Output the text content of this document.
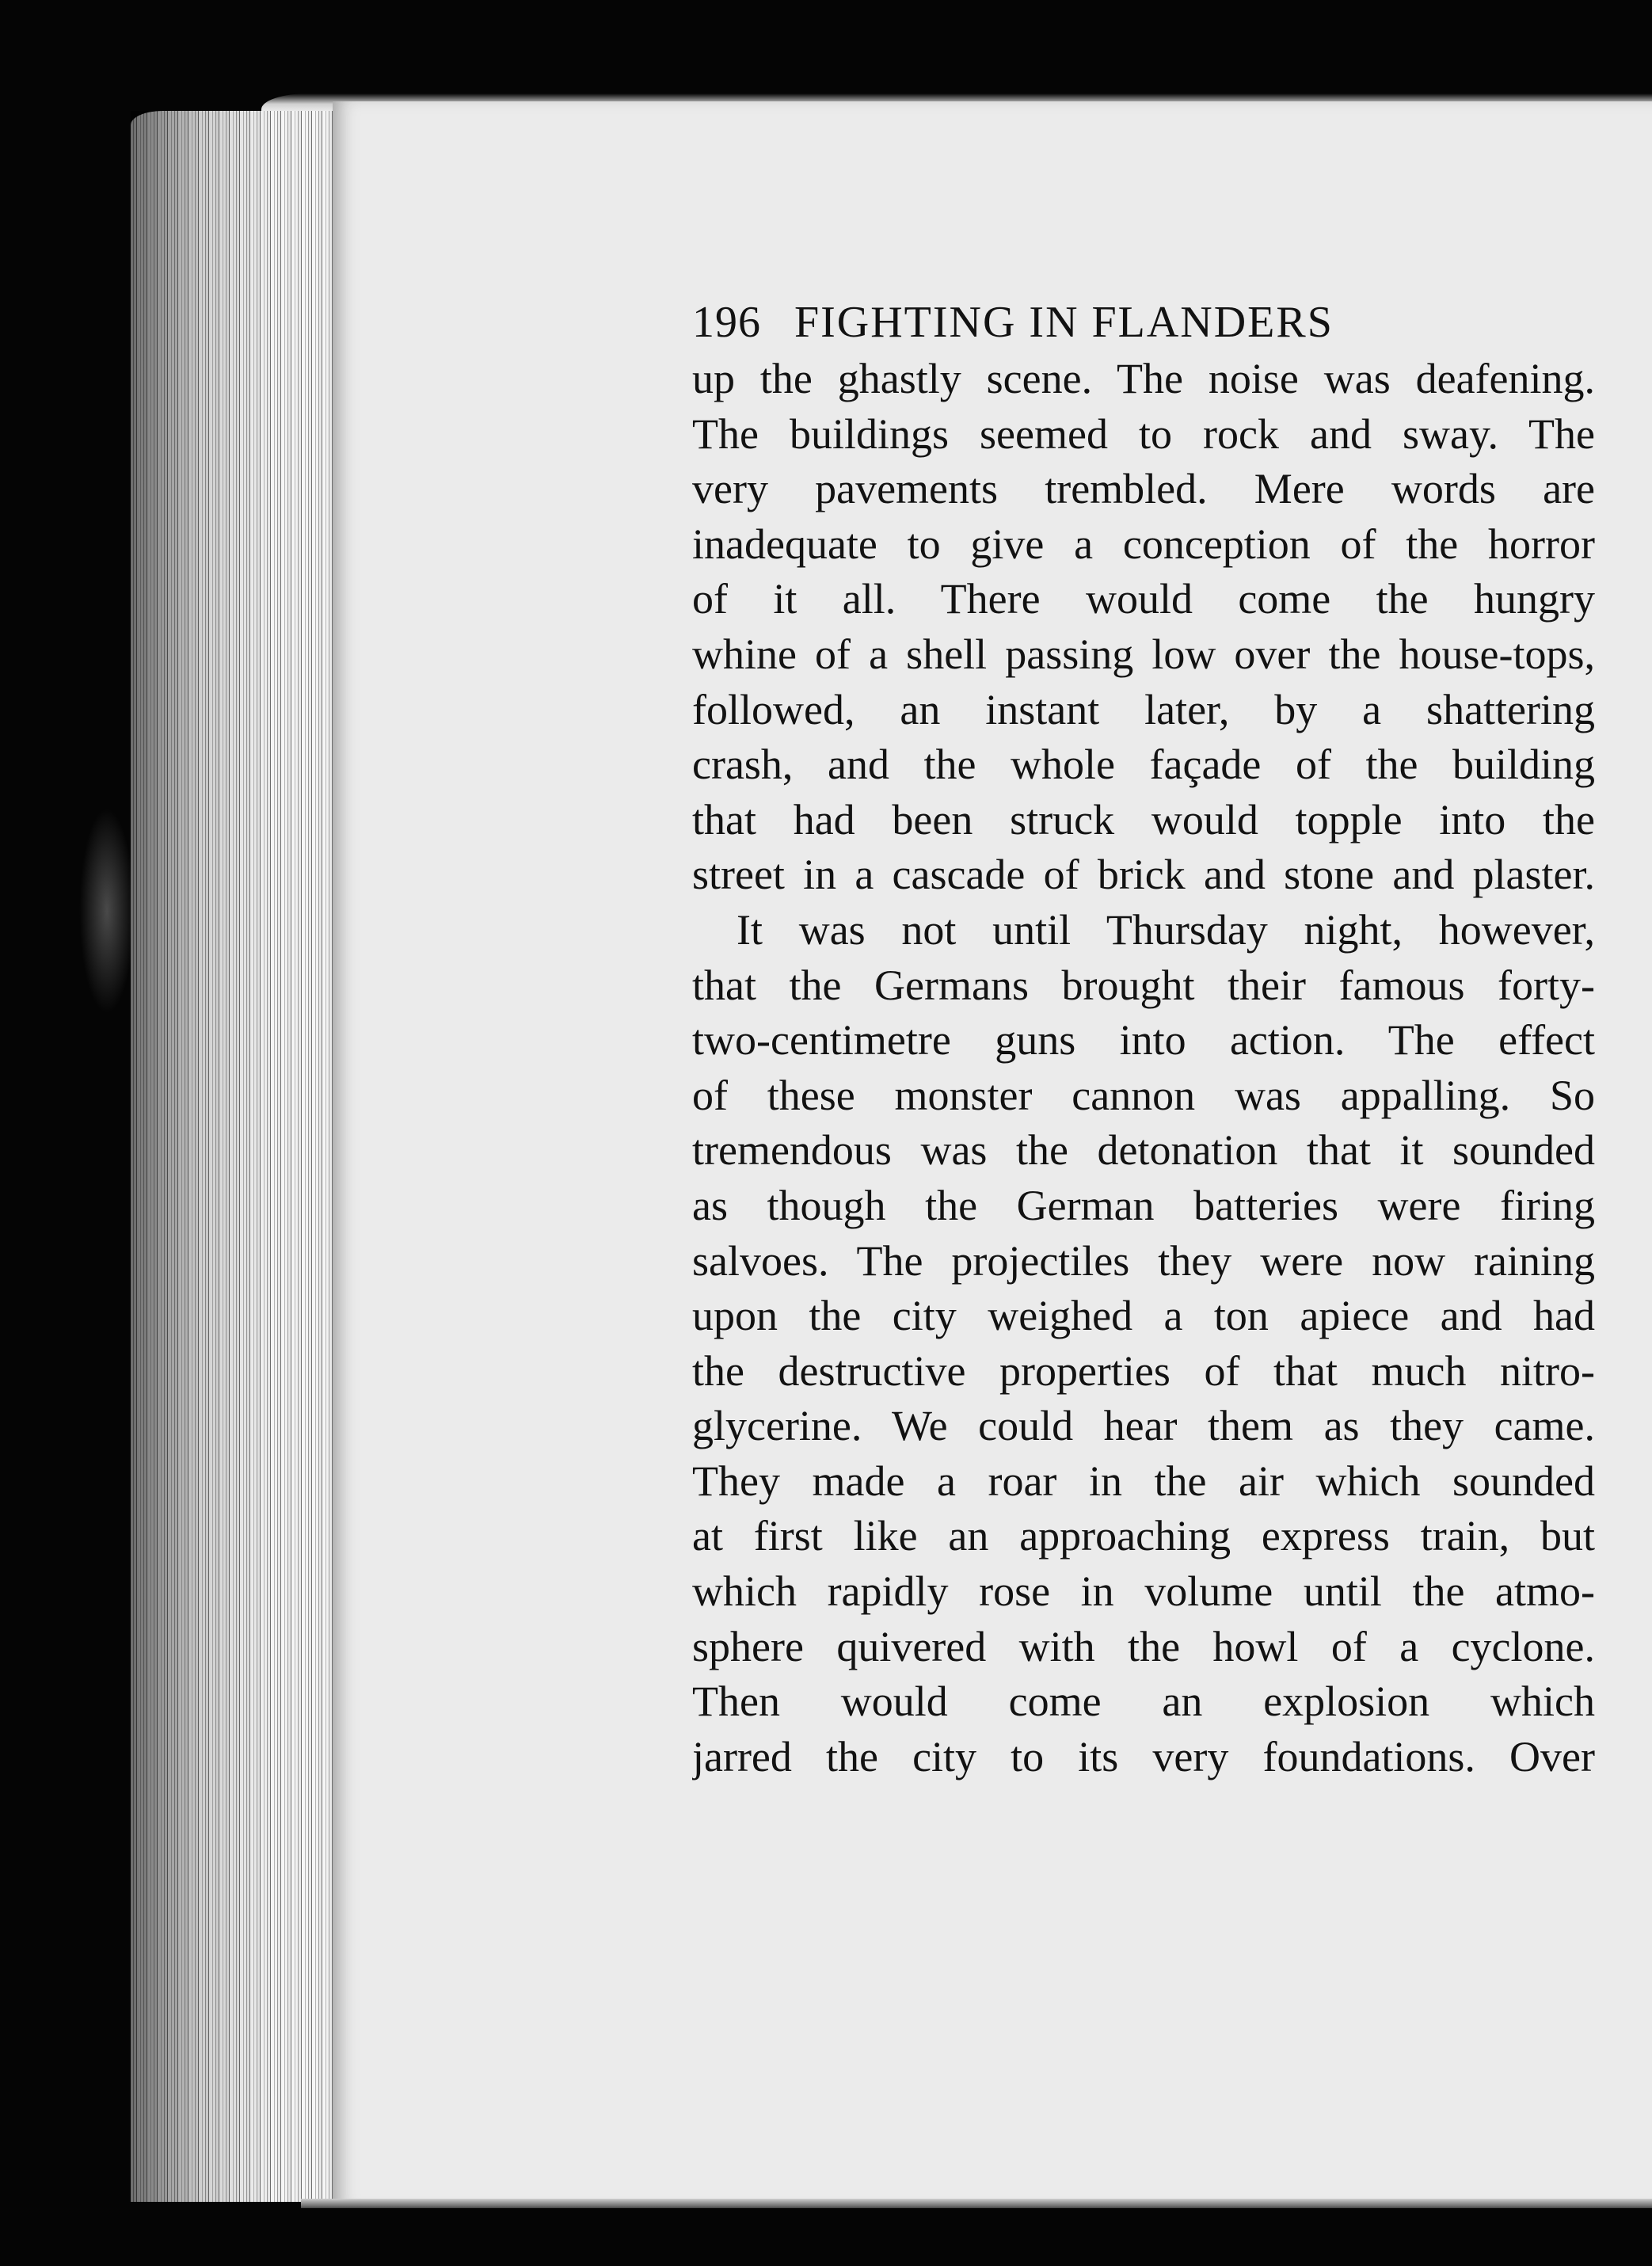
196 FIGHTING IN FLANDERS
up the ghastly scene. The noise was deafening.
The buildings seemed to rock and sway. The
very pavements trembled. Mere words are
inadequate to give a conception of the horror
of it all. There would come the hungry
whine of a shell passing low over the house-tops,
followed, an instant later, by a shattering
crash, and the whole façade of the building
that had been struck would topple into the
street in a cascade of brick and stone and plaster.
It was not until Thursday night, however,
that the Germans brought their famous forty-
two-centimetre guns into action. The effect
of these monster cannon was appalling. So
tremendous was the detonation that it sounded
as though the German batteries were firing
salvoes. The projectiles they were now raining
upon the city weighed a ton apiece and had
the destructive properties of that much nitro-
glycerine. We could hear them as they came.
They made a roar in the air which sounded
at first like an approaching express train, but
which rapidly rose in volume until the atmo-
sphere quivered with the howl of a cyclone.
Then would come an explosion which
jarred the city to its very foundations. Over
